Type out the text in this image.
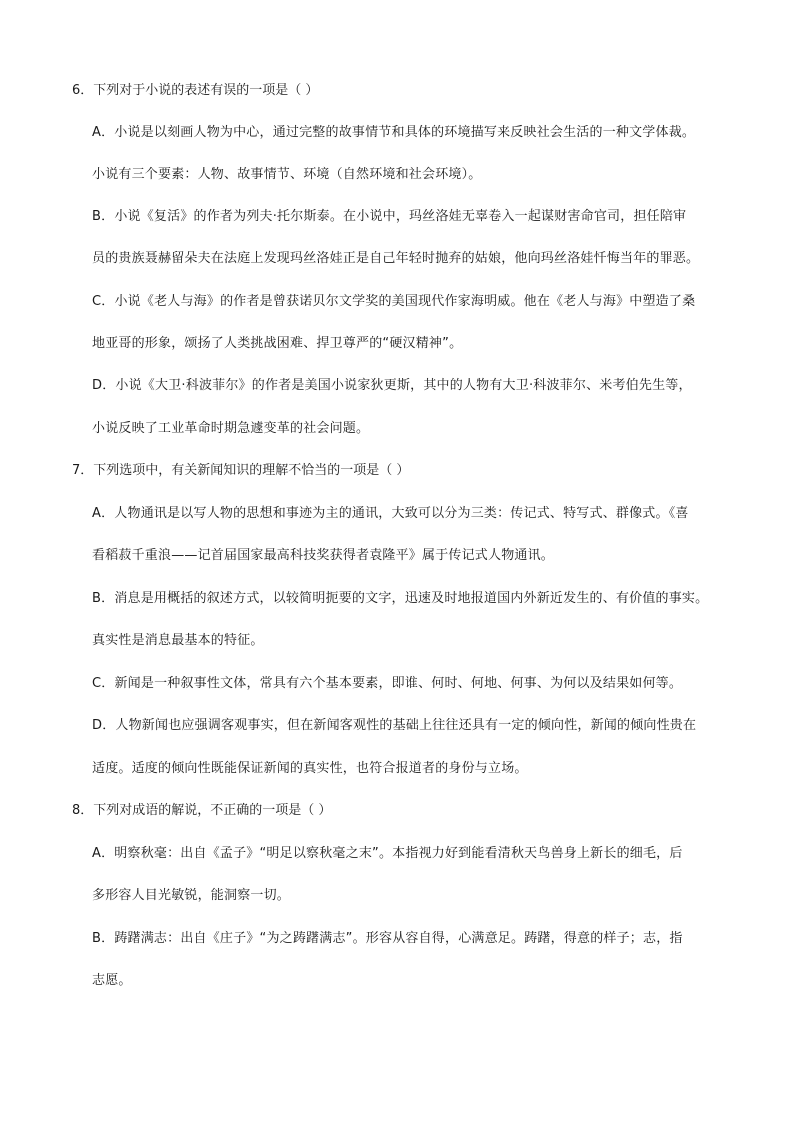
6．下列对于小说的表述有误的一项是（ ）
A．小说是以刻画人物为中心，通过完整的故事情节和具体的环境描写来反映社会生活的一种文学体裁。
小说有三个要素：人物、故事情节、环境（自然环境和社会环境）。
B．小说《复活》的作者为列夫·托尔斯泰。在小说中，玛丝洛娃无辜卷入一起谋财害命官司，担任陪审
员的贵族聂赫留朵夫在法庭上发现玛丝洛娃正是自己年轻时抛弃的姑娘，他向玛丝洛娃忏悔当年的罪恶。
C．小说《老人与海》的作者是曾获诺贝尔文学奖的美国现代作家海明威。他在《老人与海》中塑造了桑
地亚哥的形象，颂扬了人类挑战困难、捍卫尊严的“硬汉精神”。
D．小说《大卫·科波菲尔》的作者是美国小说家狄更斯，其中的人物有大卫·科波菲尔、米考伯先生等，
小说反映了工业革命时期急遽变革的社会问题。
7．下列选项中，有关新闻知识的理解不恰当的一项是（ ）
A．人物通讯是以写人物的思想和事迹为主的通讯，大致可以分为三类：传记式、特写式、群像式。《喜
看稻菽千重浪——记首届国家最高科技奖获得者袁隆平》属于传记式人物通讯。
B．消息是用概括的叙述方式，以较简明扼要的文字，迅速及时地报道国内外新近发生的、有价值的事实。
真实性是消息最基本的特征。
C．新闻是一种叙事性文体，常具有六个基本要素，即谁、何时、何地、何事、为何以及结果如何等。
D．人物新闻也应强调客观事实，但在新闻客观性的基础上往往还具有一定的倾向性，新闻的倾向性贵在
适度。适度的倾向性既能保证新闻的真实性，也符合报道者的身份与立场。
8．下列对成语的解说，不正确的一项是（ ）
A．明察秋毫：出自《孟子》“明足以察秋毫之末”。本指视力好到能看清秋天鸟兽身上新长的细毛，后
多形容人目光敏锐，能洞察一切。
B．踌躇满志：出自《庄子》“为之踌躇满志”。形容从容自得，心满意足。踌躇，得意的样子；志，指
志愿。
